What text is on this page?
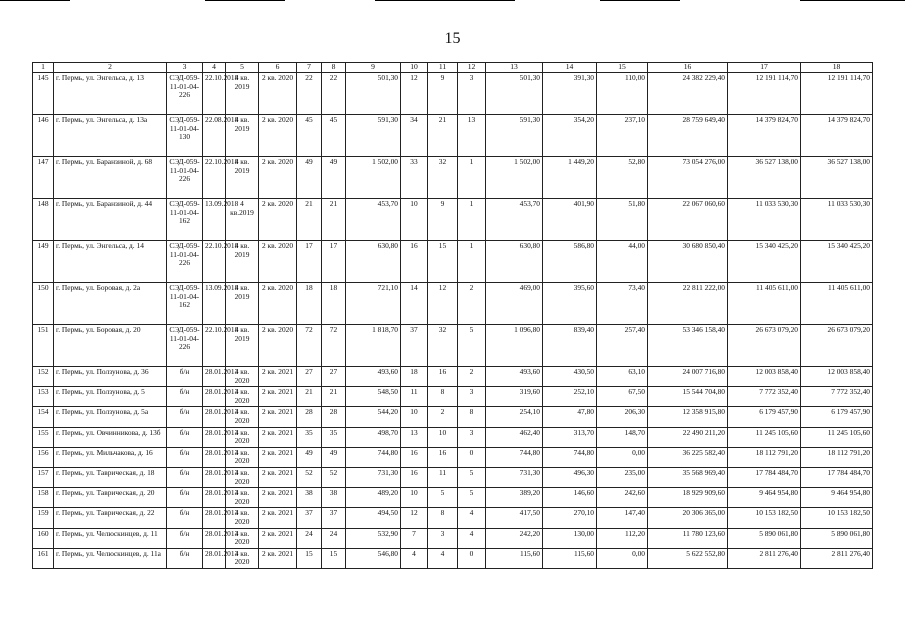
15
1	2	3	4	5	6	7	8	9	10	11	12	13	14	15	16	17	18
145	г. Пермь, ул. Энгельса, д. 13	СЭД-059-11-01-04-226	22.10.2018	4 кв. 2019	2 кв. 2020	22	22	501,30	12	9	3	501,30	391,30	110,00	24 382 229,40	12 191 114,70	12 191 114,70
146	г. Пермь, ул. Энгельса, д. 13а	СЭД-059-11-01-04-130	22.08.2018	4 кв. 2019	2 кв. 2020	45	45	591,30	34	21	13	591,30	354,20	237,10	28 759 649,40	14 379 824,70	14 379 824,70
147	г. Пермь, ул. Баранзиной, д. 68	СЭД-059-11-01-04-226	22.10.2018	4 кв. 2019	2 кв. 2020	49	49	1 502,00	33	32	1	1 502,00	1 449,20	52,80	73 054 276,00	36 527 138,00	36 527 138,00
148	г. Пермь, ул. Баранзиной, д. 44	СЭД-059-11-01-04-162	13.09.2018	4 кв.2019	2 кв. 2020	21	21	453,70	10	9	1	453,70	401,90	51,80	22 067 060,60	11 033 530,30	11 033 530,30
149	г. Пермь, ул. Энгельса, д. 14	СЭД-059-11-01-04-226	22.10.2018	4 кв. 2019	2 кв. 2020	17	17	630,80	16	15	1	630,80	586,80	44,00	30 680 850,40	15 340 425,20	15 340 425,20
150	г. Пермь, ул. Боровая, д. 2а	СЭД-059-11-01-04-162	13.09.2018	4 кв. 2019	2 кв. 2020	18	18	721,10	14	12	2	469,00	395,60	73,40	22 811 222,00	11 405 611,00	11 405 611,00
151	г. Пермь, ул. Боровая, д. 20	СЭД-059-11-01-04-226	22.10.2018	4 кв. 2019	2 кв. 2020	72	72	1 818,70	37	32	5	1 096,80	839,40	257,40	53 346 158,40	26 673 079,20	26 673 079,20
152	г. Пермь, ул. Ползунова, д. 36	б/н	28.01.2013	4 кв. 2020	2 кв. 2021	27	27	493,60	18	16	2	493,60	430,50	63,10	24 007 716,80	12 003 858,40	12 003 858,40
153	г. Пермь, ул. Ползунова, д. 5	б/н	28.01.2013	4 кв. 2020	2 кв. 2021	21	21	548,50	11	8	3	319,60	252,10	67,50	15 544 704,80	7 772 352,40	7 772 352,40
154	г. Пермь, ул. Ползунова, д. 5а	б/н	28.01.2013	4 кв. 2020	2 кв. 2021	28	28	544,20	10	2	8	254,10	47,80	206,30	12 358 915,80	6 179 457,90	6 179 457,90
155	г. Пермь, ул. Овчинникова, д. 13б	б/н	28.01.2013	4 кв. 2020	2 кв. 2021	35	35	498,70	13	10	3	462,40	313,70	148,70	22 490 211,20	11 245 105,60	11 245 105,60
156	г. Пермь, ул. Мильчакова, д. 16	б/н	28.01.2013	4 кв. 2020	2 кв. 2021	49	49	744,80	16	16	0	744,80	744,80	0,00	36 225 582,40	18 112 791,20	18 112 791,20
157	г. Пермь, ул. Таврическая, д. 18	б/н	28.01.2013	4 кв. 2020	2 кв. 2021	52	52	731,30	16	11	5	731,30	496,30	235,00	35 568 969,40	17 784 484,70	17 784 484,70
158	г. Пермь, ул. Таврическая, д. 20	б/н	28.01.2013	4 кв. 2020	2 кв. 2021	38	38	489,20	10	5	5	389,20	146,60	242,60	18 929 909,60	9 464 954,80	9 464 954,80
159	г. Пермь, ул. Таврическая, д. 22	б/н	28.01.2013	4 кв. 2020	2 кв. 2021	37	37	494,50	12	8	4	417,50	270,10	147,40	20 306 365,00	10 153 182,50	10 153 182,50
160	г. Пермь, ул. Челюскинцев, д. 11	б/н	28.01.2013	4 кв. 2020	2 кв. 2021	24	24	532,90	7	3	4	242,20	130,00	112,20	11 780 123,60	5 890 061,80	5 890 061,80
161	г. Пермь, ул. Челюскинцев, д. 11а	б/н	28.01.2013	4 кв. 2020	2 кв. 2021	15	15	546,80	4	4	0	115,60	115,60	0,00	5 622 552,80	2 811 276,40	2 811 276,40
